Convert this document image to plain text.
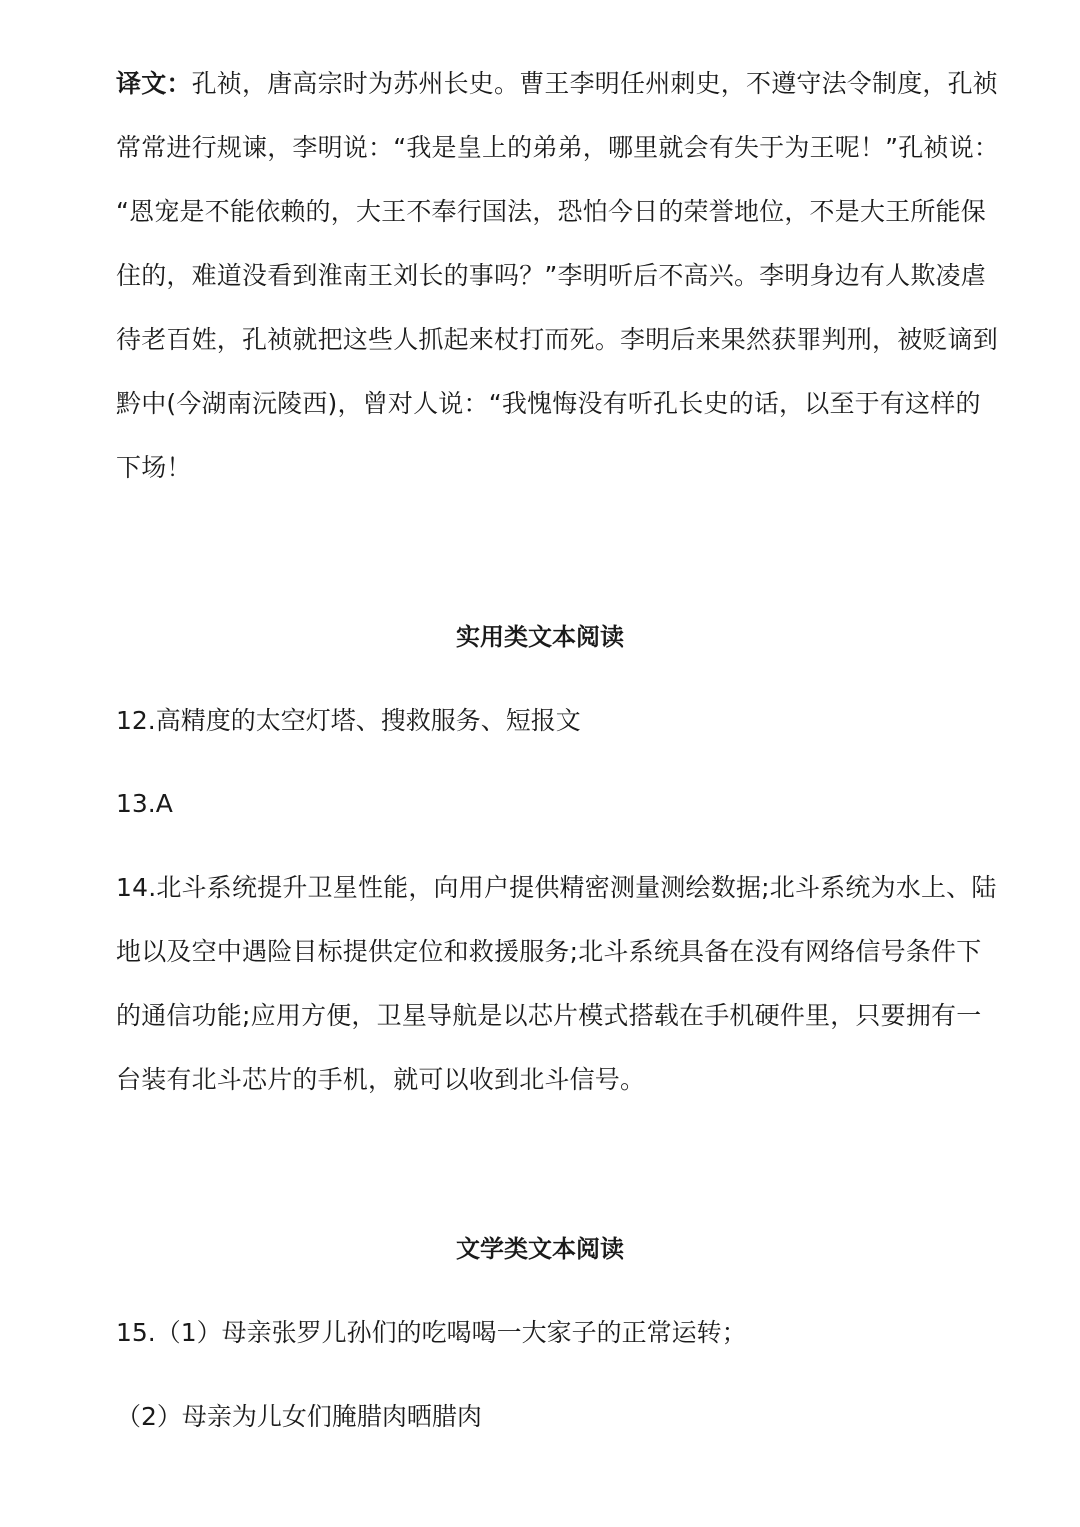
译文：孔祯，唐高宗时为苏州长史。曹王李明任州刺史，不遵守法令制度，孔祯
常常进行规谏，李明说：“我是皇上的弟弟，哪里就会有失于为王呢！”孔祯说：
“恩宠是不能依赖的，大王不奉行国法，恐怕今日的荣誉地位，不是大王所能保
住的，难道没看到淮南王刘长的事吗？”李明听后不高兴。李明身边有人欺凌虐
待老百姓，孔祯就把这些人抓起来杖打而死。李明后来果然获罪判刑，被贬谪到
黔中(今湖南沅陵西)，曾对人说：“我愧悔没有听孔长史的话，以至于有这样的
下场！
实用类文本阅读
12.高精度的太空灯塔、搜救服务、短报文
13.A
14.北斗系统提升卫星性能，向用户提供精密测量测绘数据;北斗系统为水上、陆
地以及空中遇险目标提供定位和救援服务;北斗系统具备在没有网络信号条件下
的通信功能;应用方便，卫星导航是以芯片模式搭载在手机硬件里，只要拥有一
台装有北斗芯片的手机，就可以收到北斗信号。
文学类文本阅读
15.（1）母亲张罗儿孙们的吃喝喝一大家子的正常运转；
（2）母亲为儿女们腌腊肉晒腊肉
